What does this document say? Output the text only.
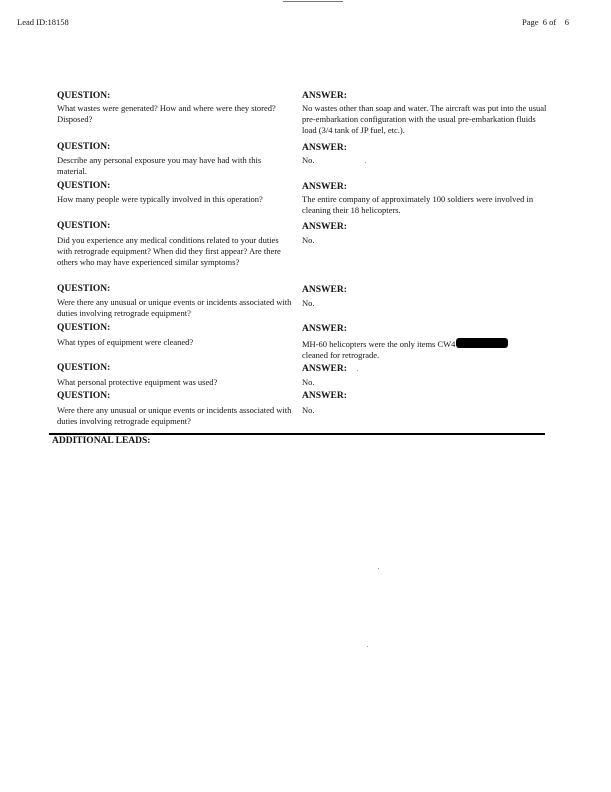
Lead ID:18158	Page 6 of 6
QUESTION:	ANSWER:
What wastes were generated? How and where were they stored? Disposed?
No wastes other than soap and water. The aircraft was put into the usual pre-embarkation configuration with the usual pre-embarkation fluids load (3/4 tank of JP fuel, etc.).
QUESTION:	ANSWER:
Describe any personal exposure you may have had with this material.
No.
QUESTION:	ANSWER:
How many people were typically involved in this operation?	The entire company of approximately 100 soldiers were involved in cleaning their 18 helicopters.
QUESTION:	ANSWER:
Did you experience any medical conditions related to your duties with retrograde equipment? When did they first appear? Are there others who may have experienced similar symptoms?
No.
QUESTION:	ANSWER:
Were there any unusual or unique events or incidents associated with duties involving retrograde equipment?
No.
QUESTION:	ANSWER:
What types of equipment were cleaned?	MH-60 helicopters were the only items CW4
cleaned for retrograde.
QUESTION:	ANSWER:
What personal protective equipment was used?	No.
QUESTION:	ANSWER:
Were there any unusual or unique events or incidents associated with duties involving retrograde equipment?
No.
ADDITIONAL LEADS:
